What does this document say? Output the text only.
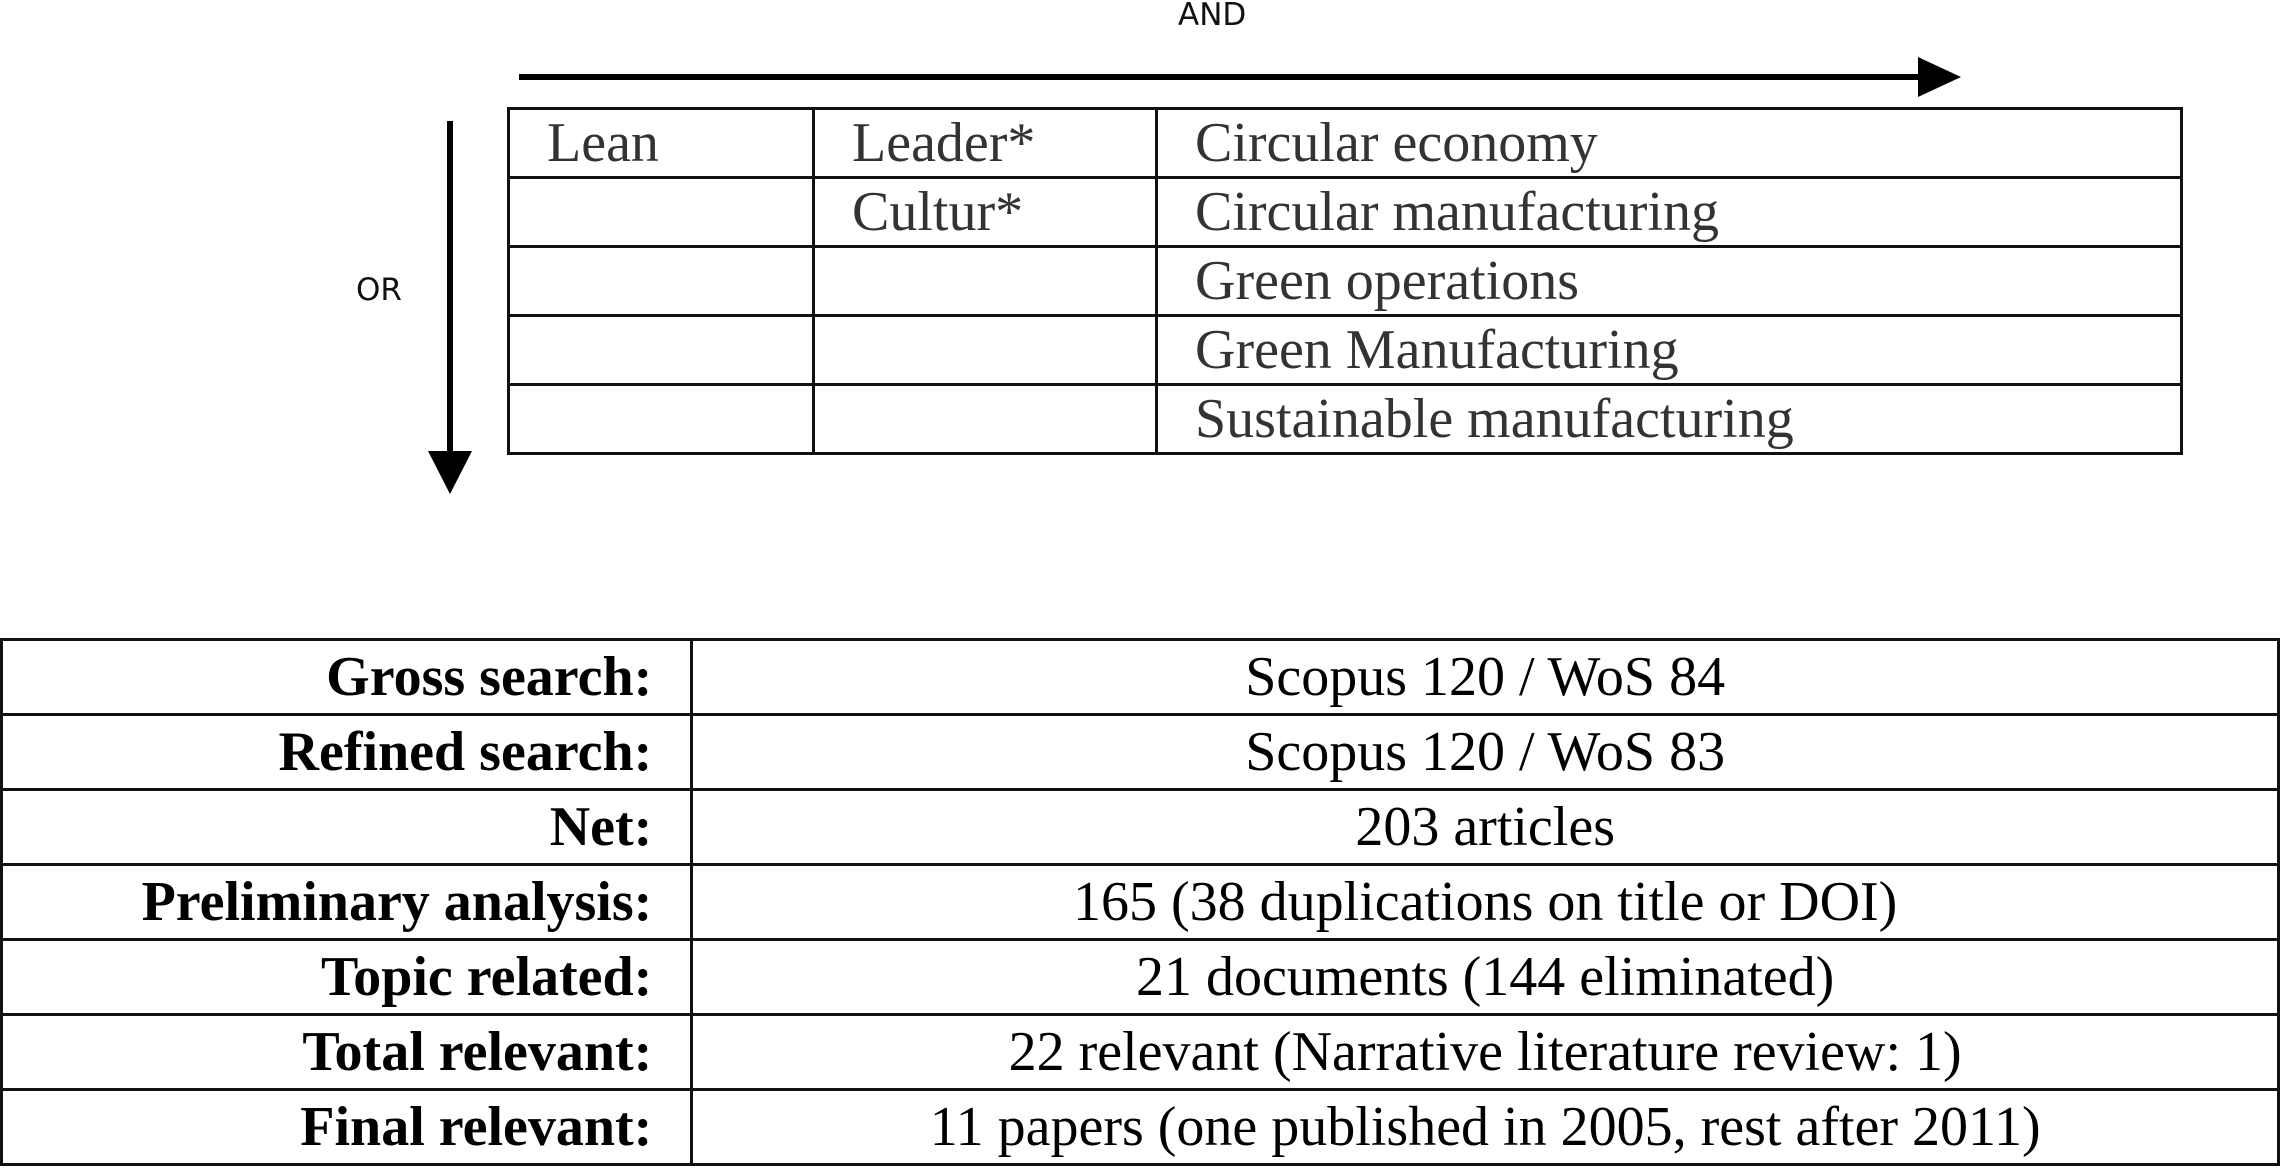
AND
OR
Lean	Leader*	Circular economy
	Cultur*	Circular manufacturing
		Green operations
		Green Manufacturing
		Sustainable manufacturing
Gross search:	Scopus 120 / WoS 84
Refined search:	Scopus 120 / WoS 83
Net:	203 articles
Preliminary analysis:	165 (38 duplications on title or DOI)
Topic related:	21 documents (144 eliminated)
Total relevant:	22 relevant (Narrative literature review: 1)
Final relevant:	11 papers (one published in 2005, rest after 2011)
